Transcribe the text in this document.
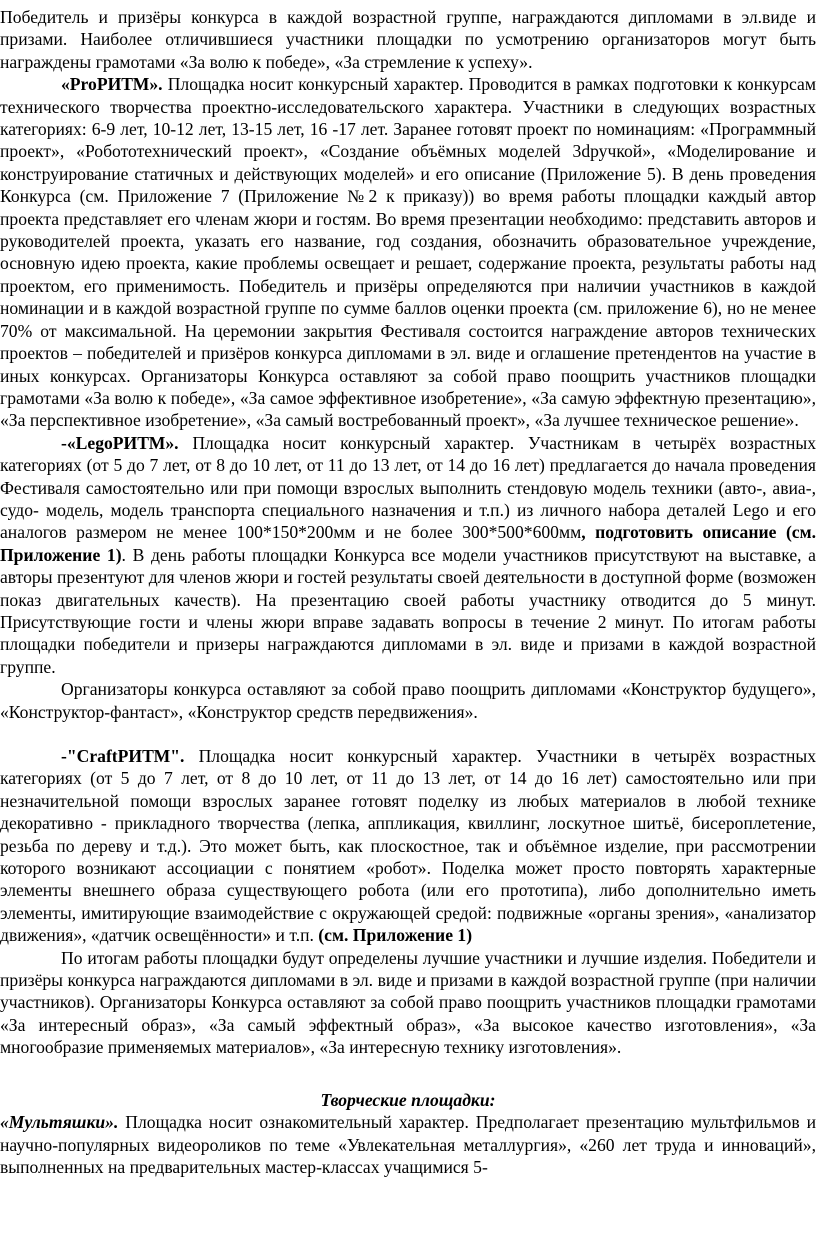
Победитель и призёры конкурса в каждой возрастной группе, награждаются дипломами в эл.виде и призами. Наиболее отличившиеся участники площадки по усмотрению организаторов могут быть награждены грамотами «За волю к победе», «За стремление к успеху».

«ProРИТМ». Площадка носит конкурсный характер. Проводится в рамках подготовки к конкурсам технического творчества проектно-исследовательского характера. Участники в следующих возрастных категориях: 6-9 лет, 10-12 лет, 13-15 лет, 16 -17 лет. Заранее готовят проект по номинациям: «Программный проект», «Робототехнический проект», «Создание объёмных моделей 3dручкой», «Моделирование и конструирование статичных и действующих моделей» и его описание (Приложение 5). В день проведения Конкурса (см. Приложение 7 (Приложение №2 к приказу)) во время работы площадки каждый автор проекта представляет его членам жюри и гостям. Во время презентации необходимо: представить авторов и руководителей проекта, указать его название, год создания, обозначить образовательное учреждение, основную идею проекта, какие проблемы освещает и решает, содержание проекта, результаты работы над проектом, его применимость. Победитель и призёры определяются при наличии участников в каждой номинации и в каждой возрастной группе по сумме баллов оценки проекта (см. приложение 6), но не менее 70% от максимальной. На церемонии закрытия Фестиваля состоится награждение авторов технических проектов – победителей и призёров конкурса дипломами в эл. виде и оглашение претендентов на участие в иных конкурсах. Организаторы Конкурса оставляют за собой право поощрить участников площадки грамотами «За волю к победе», «За самое эффективное изобретение», «За самую эффектную презентацию», «За перспективное изобретение», «За самый востребованный проект», «За лучшее техническое решение».

-«LegoРИТМ». Площадка носит конкурсный характер. Участникам в четырёх возрастных категориях (от 5 до 7 лет, от 8 до 10 лет, от 11 до 13 лет, от 14 до 16 лет) предлагается до начала проведения Фестиваля самостоятельно или при помощи взрослых выполнить стендовую модель техники (авто-, авиа-, судо- модель, модель транспорта специального назначения и т.п.) из личного набора деталей Lego и его аналогов размером не менее 100*150*200мм и не более 300*500*600мм, подготовить описание (см. Приложение 1). В день работы площадки Конкурса все модели участников присутствуют на выставке, а авторы презентуют для членов жюри и гостей результаты своей деятельности в доступной форме (возможен показ двигательных качеств). На презентацию своей работы участнику отводится до 5 минут. Присутствующие гости и члены жюри вправе задавать вопросы в течение 2 минут. По итогам работы площадки победители и призеры награждаются дипломами в эл. виде и призами в каждой возрастной группе.

Организаторы конкурса оставляют за собой право поощрить дипломами «Конструктор будущего», «Конструктор-фантаст», «Конструктор средств передвижения».

-"CraftРИТМ". Площадка носит конкурсный характер. Участники в четырёх возрастных категориях (от 5 до 7 лет, от 8 до 10 лет, от 11 до 13 лет, от 14 до 16 лет) самостоятельно или при незначительной помощи взрослых заранее готовят поделку из любых материалов в любой технике декоративно - прикладного творчества (лепка, аппликация, квиллинг, лоскутное шитьё, бисероплетение, резьба по дереву и т.д.). Это может быть, как плоскостное, так и объёмное изделие, при рассмотрении которого возникают ассоциации с понятием «робот». Поделка может просто повторять характерные элементы внешнего образа существующего робота (или его прототипа), либо дополнительно иметь элементы, имитирующие взаимодействие с окружающей средой: подвижные «органы зрения», «анализатор движения», «датчик освещённости» и т.п. (см. Приложение 1)

По итогам работы площадки будут определены лучшие участники и лучшие изделия. Победители и призёры конкурса награждаются дипломами в эл. виде и призами в каждой возрастной группе (при наличии участников). Организаторы Конкурса оставляют за собой право поощрить участников площадки грамотами «За интересный образ», «За самый эффектный образ», «За высокое качество изготовления», «За многообразие применяемых материалов», «За интересную технику изготовления».

Творческие площадки:

«Мультяшки». Площадка носит ознакомительный характер. Предполагает презентацию мультфильмов и научно-популярных видеороликов по теме «Увлекательная металлургия», «260 лет труда и инноваций», выполненных на предварительных мастер-классах учащимися 5-
